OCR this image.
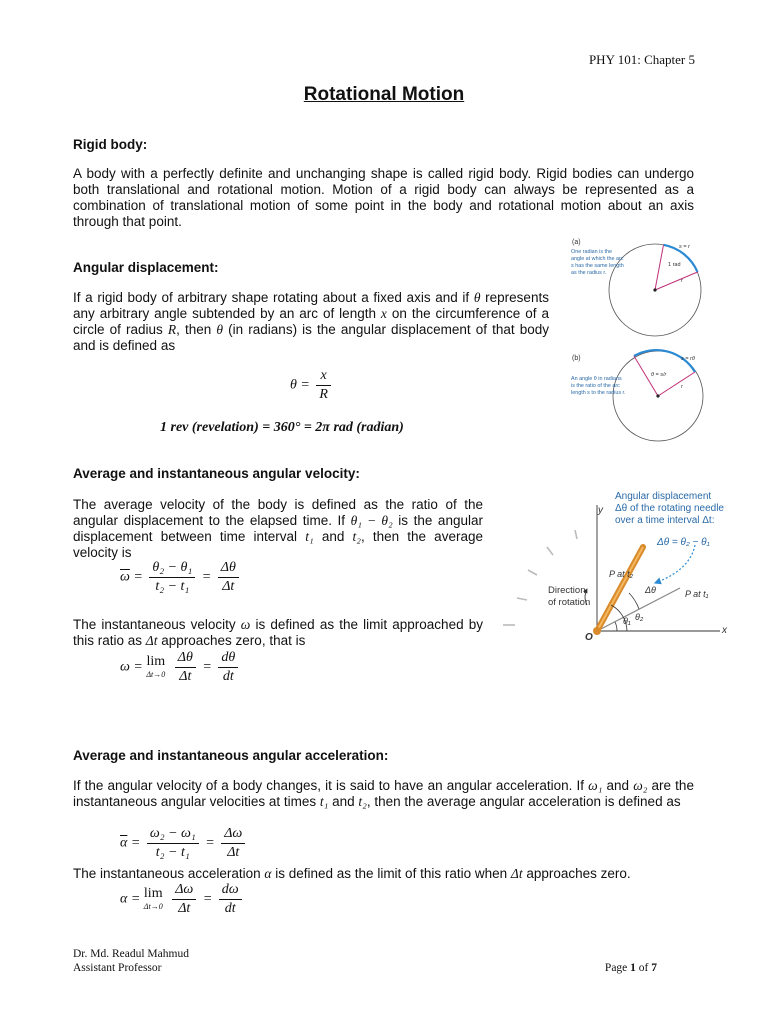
PHY 101: Chapter 5
Rotational Motion
Rigid body:
A body with a perfectly definite and unchanging shape is called rigid body. Rigid bodies can undergo both translational and rotational motion. Motion of a rigid body can always be represented as a combination of translational motion of some point in the body and rotational motion about an axis through that point.
Angular displacement:
If a rigid body of arbitrary shape rotating about a fixed axis and if θ represents any arbitrary angle subtended by an arc of length x on the circumference of a circle of radius R, then θ (in radians) is the angular displacement of that body and is defined as
$\theta = \frac{x}{R}$
1 rev (revelation) = 360° = 2π rad (radian)
Average and instantaneous angular velocity:
The average velocity of the body is defined as the ratio of the angular displacement to the elapsed time. If θ₁ − θ₂ is the angular displacement between time interval t₁ and t₂, then the average velocity is
$\overline{\omega} = \frac{\text{θ₂ − θ₁}}{\text{t₂ − t₁}} = \frac{\Delta\theta}{\Delta t}$
The instantaneous velocity ω is defined as the limit approached by this ratio as Δt approaches zero, that is
ω = lim
Δt→0
$\frac{\Delta\theta}{\Delta t} = \frac{d\theta}{dt}$
Average and instantaneous angular acceleration:
If the angular velocity of a body changes, it is said to have an angular acceleration. If ω₁ and ω₂ are the instantaneous angular velocities at times t₁ and t₂, then the average angular acceleration is defined as
$\overline{\alpha} = \frac{\text{ω₂ − ω₁}}{\text{t₂ − t₁}} = \frac{\Delta\omega}{\Delta t}$
The instantaneous acceleration α is defined as the limit of this ratio when Δt approaches zero.
α = lim
Δt→0
$\frac{\Delta\omega}{\Delta t} = \frac{d\omega}{dt}$
(a)
s = r
1 rad
r
One radian is the angle at which the arc s has the same length as the radius r.
(b)	s = rθ
θ = s/r
r
An angle θ in radians is the ratio of the arc length s to the radius r.
Angular displacement
Δθ of the rotating needle
over a time interval Δt:
Δθ = θ₂ − θ₁
y
x
O
θ₁ θ₂
Δθ
P at t₂
P at t₁
Direction
of rotation
Dr. Md. Readul Mahmud
Assistant Professor	Page 1 of 7
